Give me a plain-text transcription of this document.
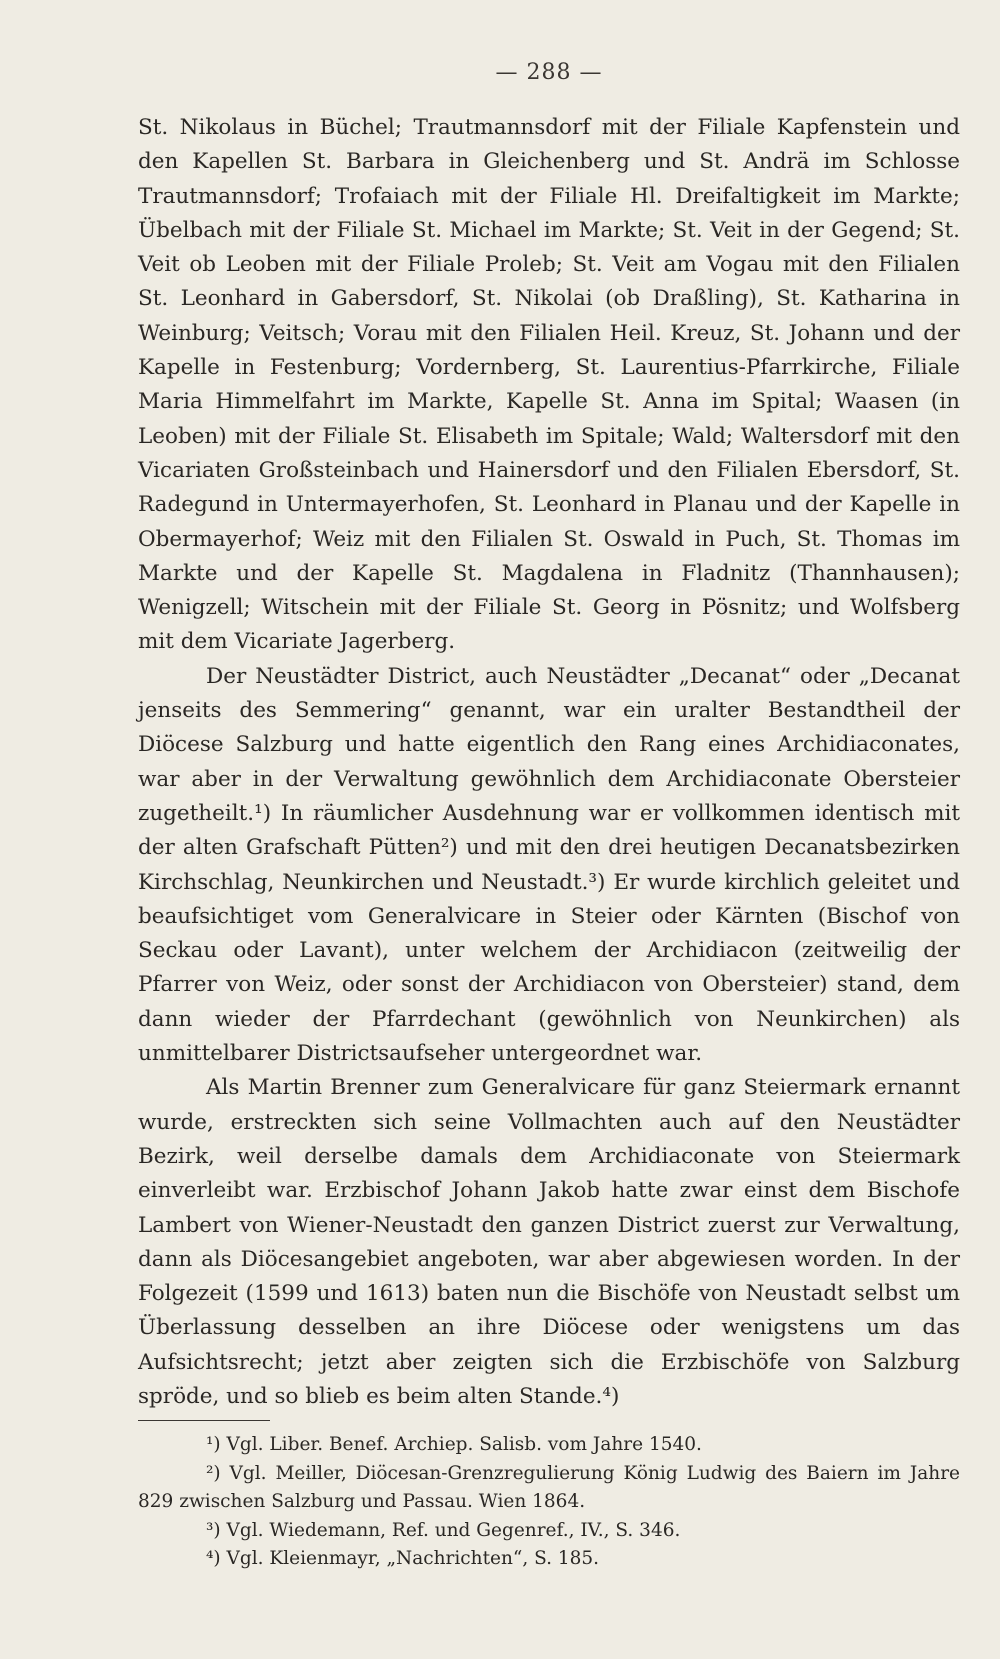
— 288 —

St. Nikolaus in Büchel; Trautmannsdorf mit der Filiale Kapfenstein und den Kapellen St. Barbara in Gleichenberg und St. Andrä im Schlosse Trautmannsdorf; Trofaiach mit der Filiale Hl. Dreifaltigkeit im Markte; Übelbach mit der Filiale St. Michael im Markte; St. Veit in der Gegend; St. Veit ob Leoben mit der Filiale Proleb; St. Veit am Vogau mit den Filialen St. Leonhard in Gabersdorf, St. Nikolai (ob Draßling), St. Katharina in Weinburg; Veitsch; Vorau mit den Filialen Heil. Kreuz, St. Johann und der Kapelle in Festenburg; Vordernberg, St. Laurentius-Pfarrkirche, Filiale Maria Himmelfahrt im Markte, Kapelle St. Anna im Spital; Waasen (in Leoben) mit der Filiale St. Elisabeth im Spitale; Wald; Waltersdorf mit den Vicariaten Großsteinbach und Hainersdorf und den Filialen Ebersdorf, St. Radegund in Untermayerhofen, St. Leonhard in Planau und der Kapelle in Obermayerhof; Weiz mit den Filialen St. Oswald in Puch, St. Thomas im Markte und der Kapelle St. Magdalena in Fladnitz (Thannhausen); Wenigzell; Witschein mit der Filiale St. Georg in Pösnitz; und Wolfsberg mit dem Vicariate Jagerberg.

Der Neustädter District, auch Neustädter „Decanat“ oder „Decanat jenseits des Semmering“ genannt, war ein uralter Bestandtheil der Diöcese Salzburg und hatte eigentlich den Rang eines Archidiaconates, war aber in der Verwaltung gewöhnlich dem Archidiaconate Obersteier zugetheilt.¹) In räumlicher Ausdehnung war er vollkommen identisch mit der alten Grafschaft Pütten²) und mit den drei heutigen Decanatsbezirken Kirchschlag, Neunkirchen und Neustadt.³) Er wurde kirchlich geleitet und beaufsichtiget vom Generalvicare in Steier oder Kärnten (Bischof von Seckau oder Lavant), unter welchem der Archidiacon (zeitweilig der Pfarrer von Weiz, oder sonst der Archidiacon von Obersteier) stand, dem dann wieder der Pfarrdechant (gewöhnlich von Neunkirchen) als unmittelbarer Districtsaufseher untergeordnet war.

Als Martin Brenner zum Generalvicare für ganz Steiermark ernannt wurde, erstreckten sich seine Vollmachten auch auf den Neustädter Bezirk, weil derselbe damals dem Archidiaconate von Steiermark einverleibt war. Erzbischof Johann Jakob hatte zwar einst dem Bischofe Lambert von Wiener-Neustadt den ganzen District zuerst zur Verwaltung, dann als Diöcesangebiet angeboten, war aber abgewiesen worden. In der Folgezeit (1599 und 1613) baten nun die Bischöfe von Neustadt selbst um Überlassung desselben an ihre Diöcese oder wenigstens um das Aufsichtsrecht; jetzt aber zeigten sich die Erzbischöfe von Salzburg spröde, und so blieb es beim alten Stande.⁴)

¹) Vgl. Liber. Benef. Archiep. Salisb. vom Jahre 1540.

²) Vgl. Meiller, Diöcesan-Grenzregulierung König Ludwig des Baiern im Jahre 829 zwischen Salzburg und Passau. Wien 1864.

³) Vgl. Wiedemann, Ref. und Gegenref., IV., S. 346.

⁴) Vgl. Kleienmayr, „Nachrichten“, S. 185.
